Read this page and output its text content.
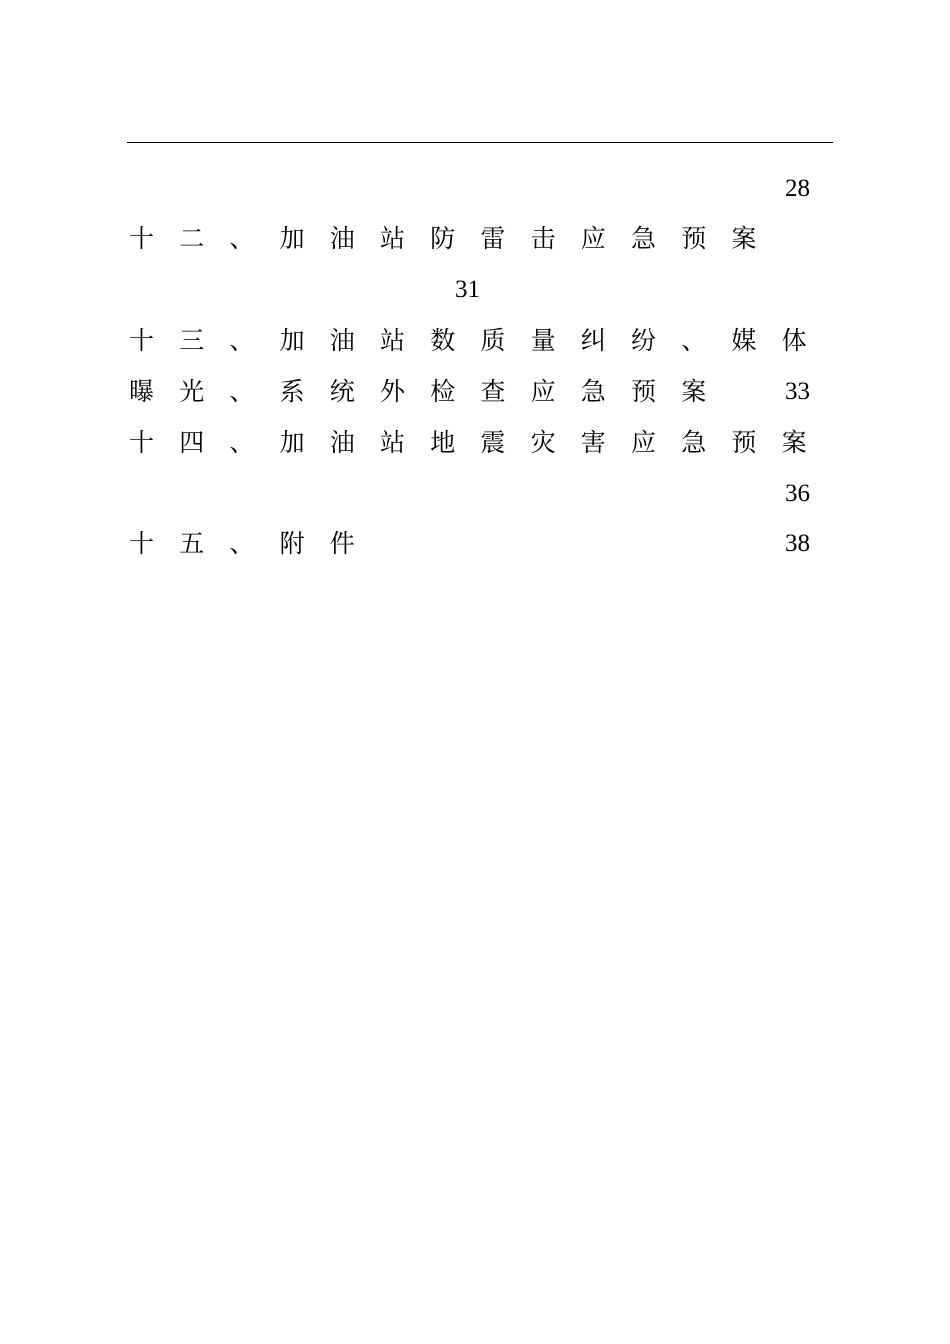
28
十二、加油站防雷击应急预案
31
十三、加油站数质量纠纷、媒体
曝光、系统外检查应急预案 33
十四、加油站地震灾害应急预案
36
十五、附件	38
